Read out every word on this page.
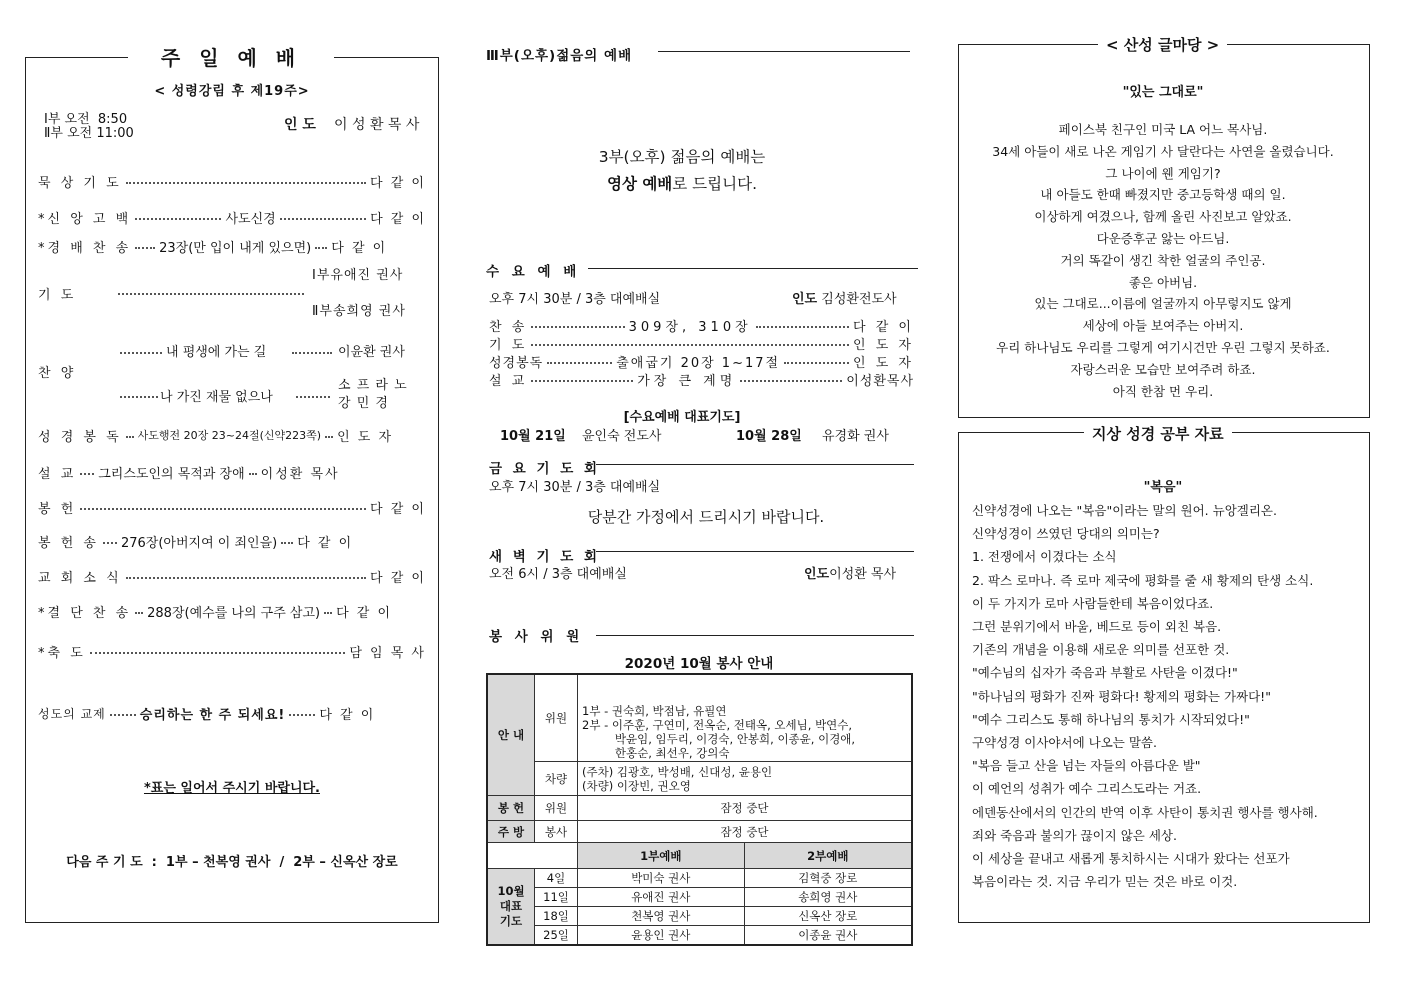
주 일 예 배
< 성령강림 후 제19주>
Ⅰ부 오전  8:50
Ⅱ부 오전 11:00
인 도 이 성 환 목 사
묵 상 기 도	다 같 이
*신 앙 고 백	사도신경	다 같 이
*경 배 찬 송 23장(만 입이 내게 있으면) 다 같 이
기 도
Ⅰ부유애진 권사
Ⅱ부송희영 권사
찬 양
내 평생에 가는 길	이윤환 권사
나 가진 재물 없으나
소 프 라 노
강 민 경
성 경 봉 독 사도행전 20장 23~24절(신약223쪽) 인 도 자
설 교 그리스도인의 목적과 장애 이성환 목사
봉 헌	다 같 이
봉 헌 송 276장(아버지여 이 죄인을) 다 같 이
교 회 소 식	다 같 이
*결 단 찬 송 288장(예수를 나의 구주 삼고) 다 같 이
*축 도	담 임 목 사
성도의 교제	승리하는 한 주 되세요!	다 같 이
*표는 일어서 주시기 바랍니다.
다음 주 기 도  :  1부 – 천복영 권사  /  2부 – 신옥산 장로
Ⅲ부(오후)젊음의 예배
3부(오후) 젊음의 예배는
영상 예배로 드립니다.
수 요 예 배
오후 7시 30분 / 3층 대예배실	인도 김성환전도사
찬 송	309장, 310장	다 같 이
기 도	인 도 자
성경봉독	출애굽기 20장 1~17절	인 도 자
설 교	가장 큰 계명	이성환목사
[수요예배 대표기도]
10월 21일 윤인숙 전도사	10월 28일 유경화 권사
금 요 기 도 회
오후 7시 30분 / 3층 대예배실
당분간 가정에서 드리시기 바랍니다.
새 벽 기 도 회
오전 6시 / 3층 대예배실	인도이성환 목사
봉 사 위 원
2020년 10월 봉사 안내
안 내	위원	1부 - 권숙희, 박점남, 유필연
2부 - 이주훈, 구연미, 전옥순, 전태옥, 오세님, 박연수,
박윤임, 임두리, 이경숙, 안봉희, 이종윤, 이경애,
한홍순, 최선우, 강의숙	

	차량	(주차) 김광호, 박성배, 신대성, 윤용인
(차량) 이장빈, 권오영	

봉 헌	위원	잠정 중단	
주 방	봉사	잠정 중단	
		1부예배	2부예배
10월
대표
기도	4일	박미숙 권사	김혁중 장로
	11일	유애진 권사	송희영 권사
	18일	천복영 권사	신옥산 장로
	25일	윤용인 권사	이종윤 권사
< 산성 글마당 >
"있는 그대로"
페이스북 친구인 미국 LA 어느 목사님.
34세 아들이 새로 나온 게임기 사 달란다는 사연을 올렸습니다.
그 나이에 웬 게임기?
내 아들도 한때 빠졌지만 중고등학생 때의 일.
이상하게 여겼으나, 함께 올린 사진보고 알았죠.
다운증후군 앓는 아드님.
거의 똑같이 생긴 착한 얼굴의 주인공.
좋은 아버님.
있는 그대로...이름에 얼굴까지 아무렇지도 않게
세상에 아들 보여주는 아버지.
우리 하나님도 우리를 그렇게 여기시건만 우린 그렇지 못하죠.
자랑스러운 모습만 보여주려 하죠.
아직 한참 먼 우리.
지상 성경 공부 자료
"복음"
신약성경에 나오는 "복음"이라는 말의 원어. 뉴앙겔리온.
신약성경이 쓰였던 당대의 의미는?
1. 전쟁에서 이겼다는 소식
2. 팍스 로마나. 즉 로마 제국에 평화를 줄 새 황제의 탄생 소식.
이 두 가지가 로마 사람들한테 복음이었다죠.
그런 분위기에서 바울, 베드로 등이 외친 복음.
기존의 개념을 이용해 새로운 의미를 선포한 것.
"예수님의 십자가 죽음과 부활로 사탄을 이겼다!"
"하나님의 평화가 진짜 평화다! 황제의 평화는 가짜다!"
"예수 그리스도 통해 하나님의 통치가 시작되었다!"
구약성경 이사야서에 나오는 말씀.
"복음 들고 산을 넘는 자들의 아름다운 발"
이 예언의 성취가 예수 그리스도라는 거죠.
에덴동산에서의 인간의 반역 이후 사탄이 통치권 행사를 행사해.
죄와 죽음과 불의가 끊이지 않은 세상.
이 세상을 끝내고 새롭게 통치하시는 시대가 왔다는 선포가
복음이라는 것. 지금 우리가 믿는 것은 바로 이것.
